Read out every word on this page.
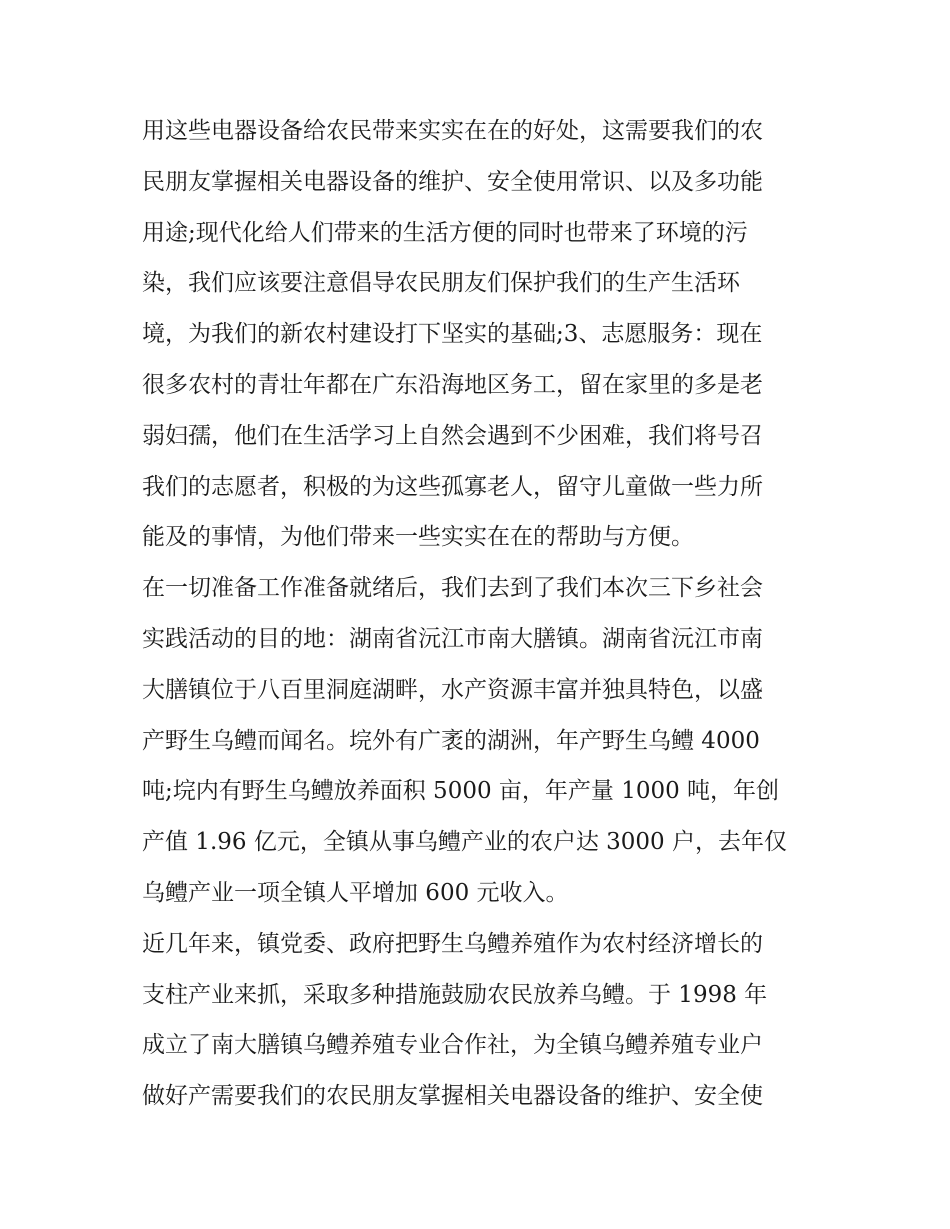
用这些电器设备给农民带来实实在在的好处，这需要我们的农
民朋友掌握相关电器设备的维护、安全使用常识、以及多功能
用途;现代化给人们带来的生活方便的同时也带来了环境的污
染，我们应该要注意倡导农民朋友们保护我们的生产生活环
境，为我们的新农村建设打下坚实的基础;3、志愿服务：现在
很多农村的青壮年都在广东沿海地区务工，留在家里的多是老
弱妇孺，他们在生活学习上自然会遇到不少困难，我们将号召
我们的志愿者，积极的为这些孤寡老人，留守儿童做一些力所
能及的事情，为他们带来一些实实在在的帮助与方便。
在一切准备工作准备就绪后，我们去到了我们本次三下乡社会
实践活动的目的地：湖南省沅江市南大膳镇。湖南省沅江市南
大膳镇位于八百里洞庭湖畔，水产资源丰富并独具特色，以盛
产野生乌鳢而闻名。垸外有广袤的湖洲，年产野生乌鳢 4000
吨;垸内有野生乌鳢放养面积 5000 亩，年产量 1000 吨，年创
产值 1.96 亿元，全镇从事乌鳢产业的农户达 3000 户，去年仅
乌鳢产业一项全镇人平增加 600 元收入。
近几年来，镇党委、政府把野生乌鳢养殖作为农村经济增长的
支柱产业来抓，采取多种措施鼓励农民放养乌鳢。于 1998 年
成立了南大膳镇乌鳢养殖专业合作社，为全镇乌鳢养殖专业户
做好产需要我们的农民朋友掌握相关电器设备的维护、安全使
